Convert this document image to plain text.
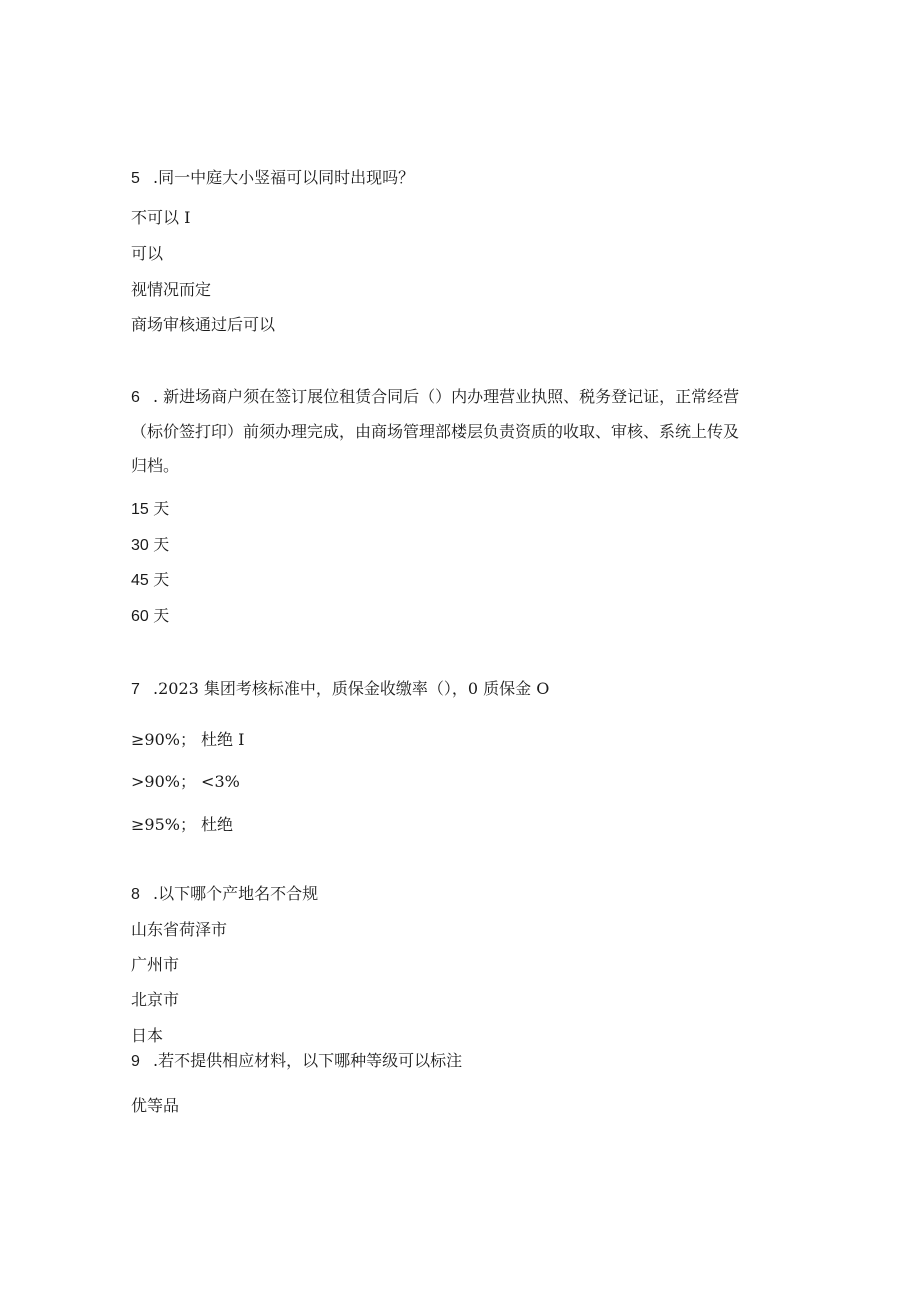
5 .同一中庭大小竖福可以同时出现吗？
不可以 I
可以
视情况而定
商场审核通过后可以
6 . 新进场商户须在签订展位租赁合同后（）内办理营业执照、税务登记证，正常经营
（标价签打印）前须办理完成，由商场管理部楼层负责资质的收取、审核、系统上传及
归档。
15 天
30 天
45 天
60 天
7 .2023 集团考核标准中，质保金收缴率（），0 质保金 O
≥90%； 杜绝 I
>90%； <3%
≥95%； 杜绝
8 .以下哪个产地名不合规
山东省荷泽市
广州市
北京市
日本
9 .若不提供相应材料，以下哪种等级可以标注
优等品
